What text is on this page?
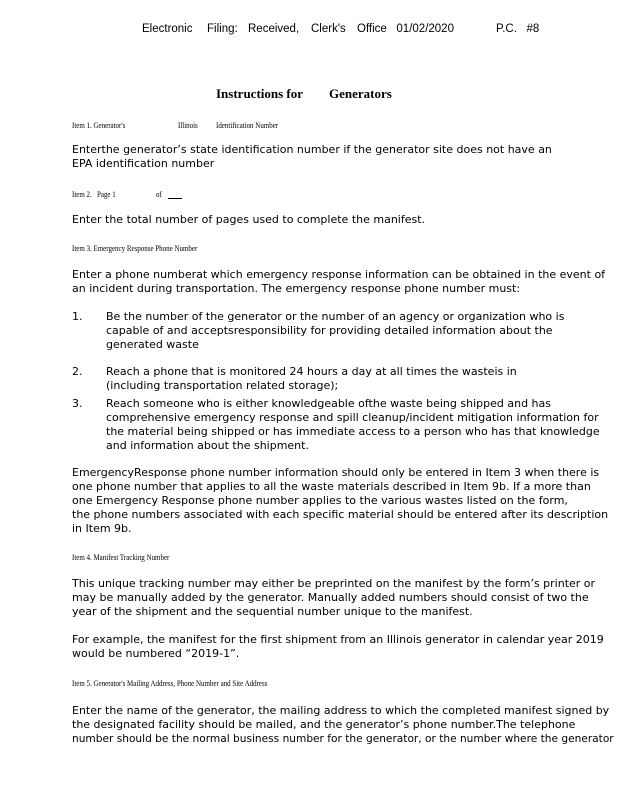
Electronic Filing: Received, Clerk's Office   01/02/2020	P.C.   #8
Instructions for Generators
Item 1. Generator's	Illinois Identification Number
Enterthe generator’s state identification number if the generator site does not have an
EPA identification number
Item 2.   Page 1	of
Enter the total number of pages used to complete the manifest.
Item 3. Emergency Response Phone Number
Enter a phone numberat which emergency response information can be obtained in the event of
an incident during transportation. The emergency response phone number must:
1. Be the number of the generator or the number of an agency or organization who is
capable of and acceptsresponsibility for providing detailed information about the
generated waste
2. Reach a phone that is monitored 24 hours a day at all times the wasteis in
(including transportation related storage);
3. Reach someone who is either knowledgeable ofthe waste being shipped and has
comprehensive emergency response and spill cleanup/incident mitigation information for
the material being shipped or has immediate access to a person who has that knowledge
and information about the shipment.
EmergencyResponse phone number information should only be entered in Item 3 when there is
one phone number that applies to all the waste materials described in Item 9b. If a more than
one Emergency Response phone number applies to the various wastes listed on the form,
the phone numbers associated with each specific material should be entered after its description
in Item 9b.
Item 4. Manifest Tracking Number
This unique tracking number may either be preprinted on the manifest by the form’s printer or
may be manually added by the generator. Manually added numbers should consist of two the
year of the shipment and the sequential number unique to the manifest.
For example, the manifest for the first shipment from an Illinois generator in calendar year 2019
would be numbered “2019-1”.
Item 5. Generator's Mailing Address, Phone Number and Site Address
Enter the name of the generator, the mailing address to which the completed manifest signed by
the designated facility should be mailed, and the generator’s phone number.The telephone
number should be the normal business number for the generator, or the number where the generator
